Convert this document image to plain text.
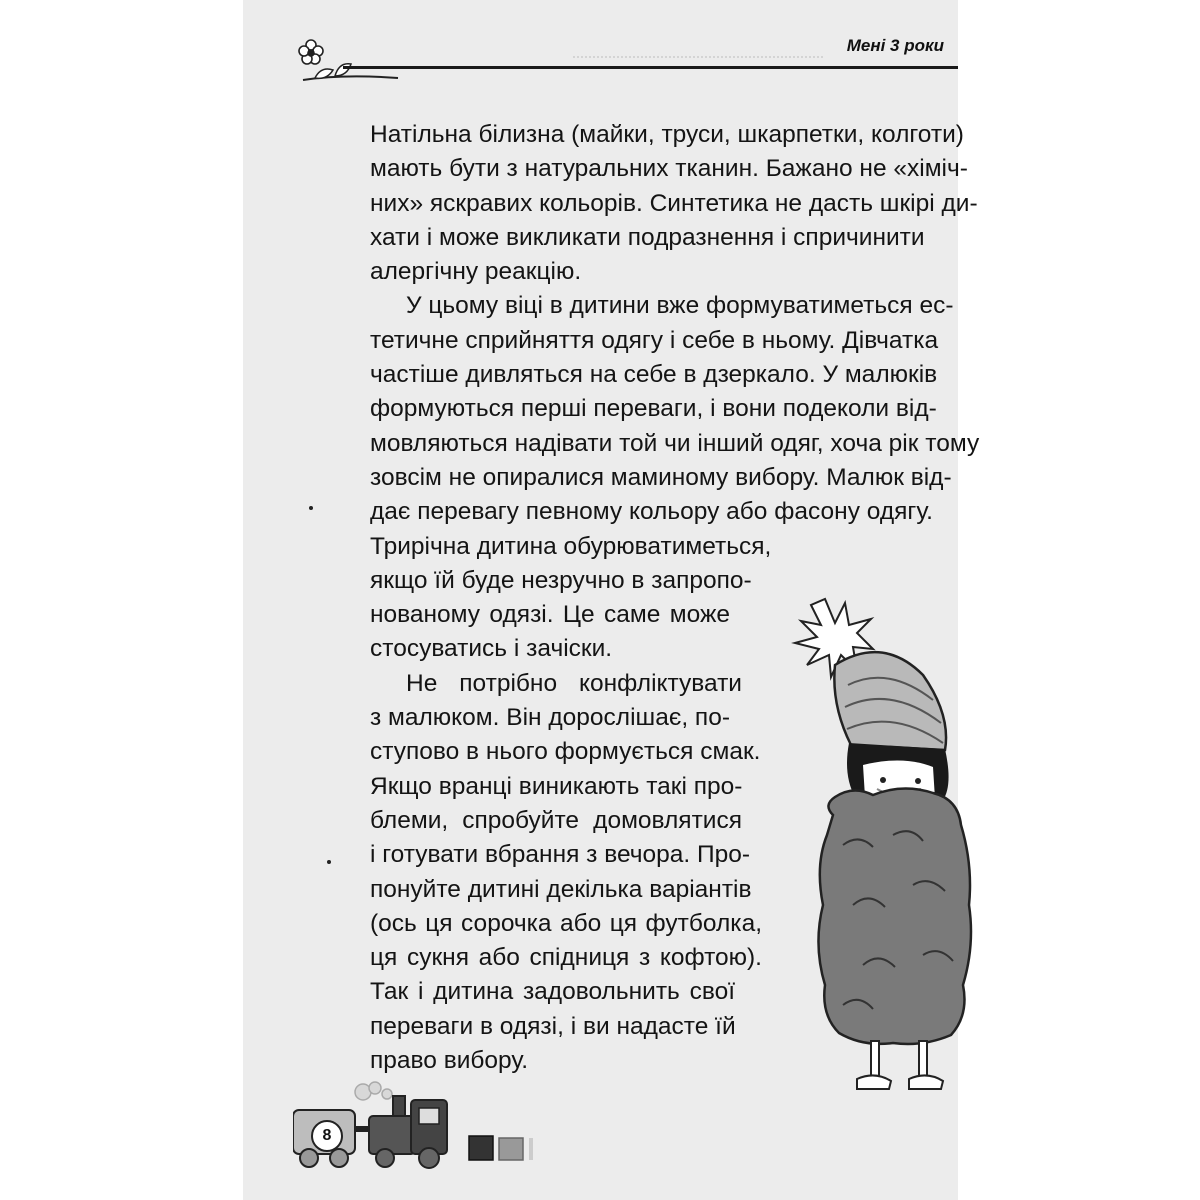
Мені 3 роки
Натільна білизна (майки, труси, шкарпетки, колготи)
мають бути з натуральних тканин. Бажано не «хіміч-
них» яскравих кольорів. Синтетика не дасть шкірі ди-
хати і може викликати подразнення і спричинити
алергічну реакцію.
У цьому віці в дитини вже формуватиметься ес-
тетичне сприйняття одягу і себе в ньому. Дівчатка
частіше дивляться на себе в дзеркало. У малюків
формуються перші переваги, і вони подеколи від-
мовляються надівати той чи інший одяг, хоча рік тому
зовсім не опиралися маминому вибору. Малюк від-
дає перевагу певному кольору або фасону одягу.
Трирічна дитина обурюватиметься,
якщо їй буде незручно в запропо-
нованому одязі. Це саме може
стосуватись і зачіски.
Не потрібно конфліктувати
з малюком. Він дорослішає, по-
ступово в нього формується смак.
Якщо вранці виникають такі про-
блеми, спробуйте домовлятися
і готувати вбрання з вечора. Про-
понуйте дитині декілька варіантів
(ось ця сорочка або ця футболка,
ця сукня або спідниця з кофтою).
Так і дитина задовольнить свої
переваги в одязі, і ви надасте їй
право вибору.
8
